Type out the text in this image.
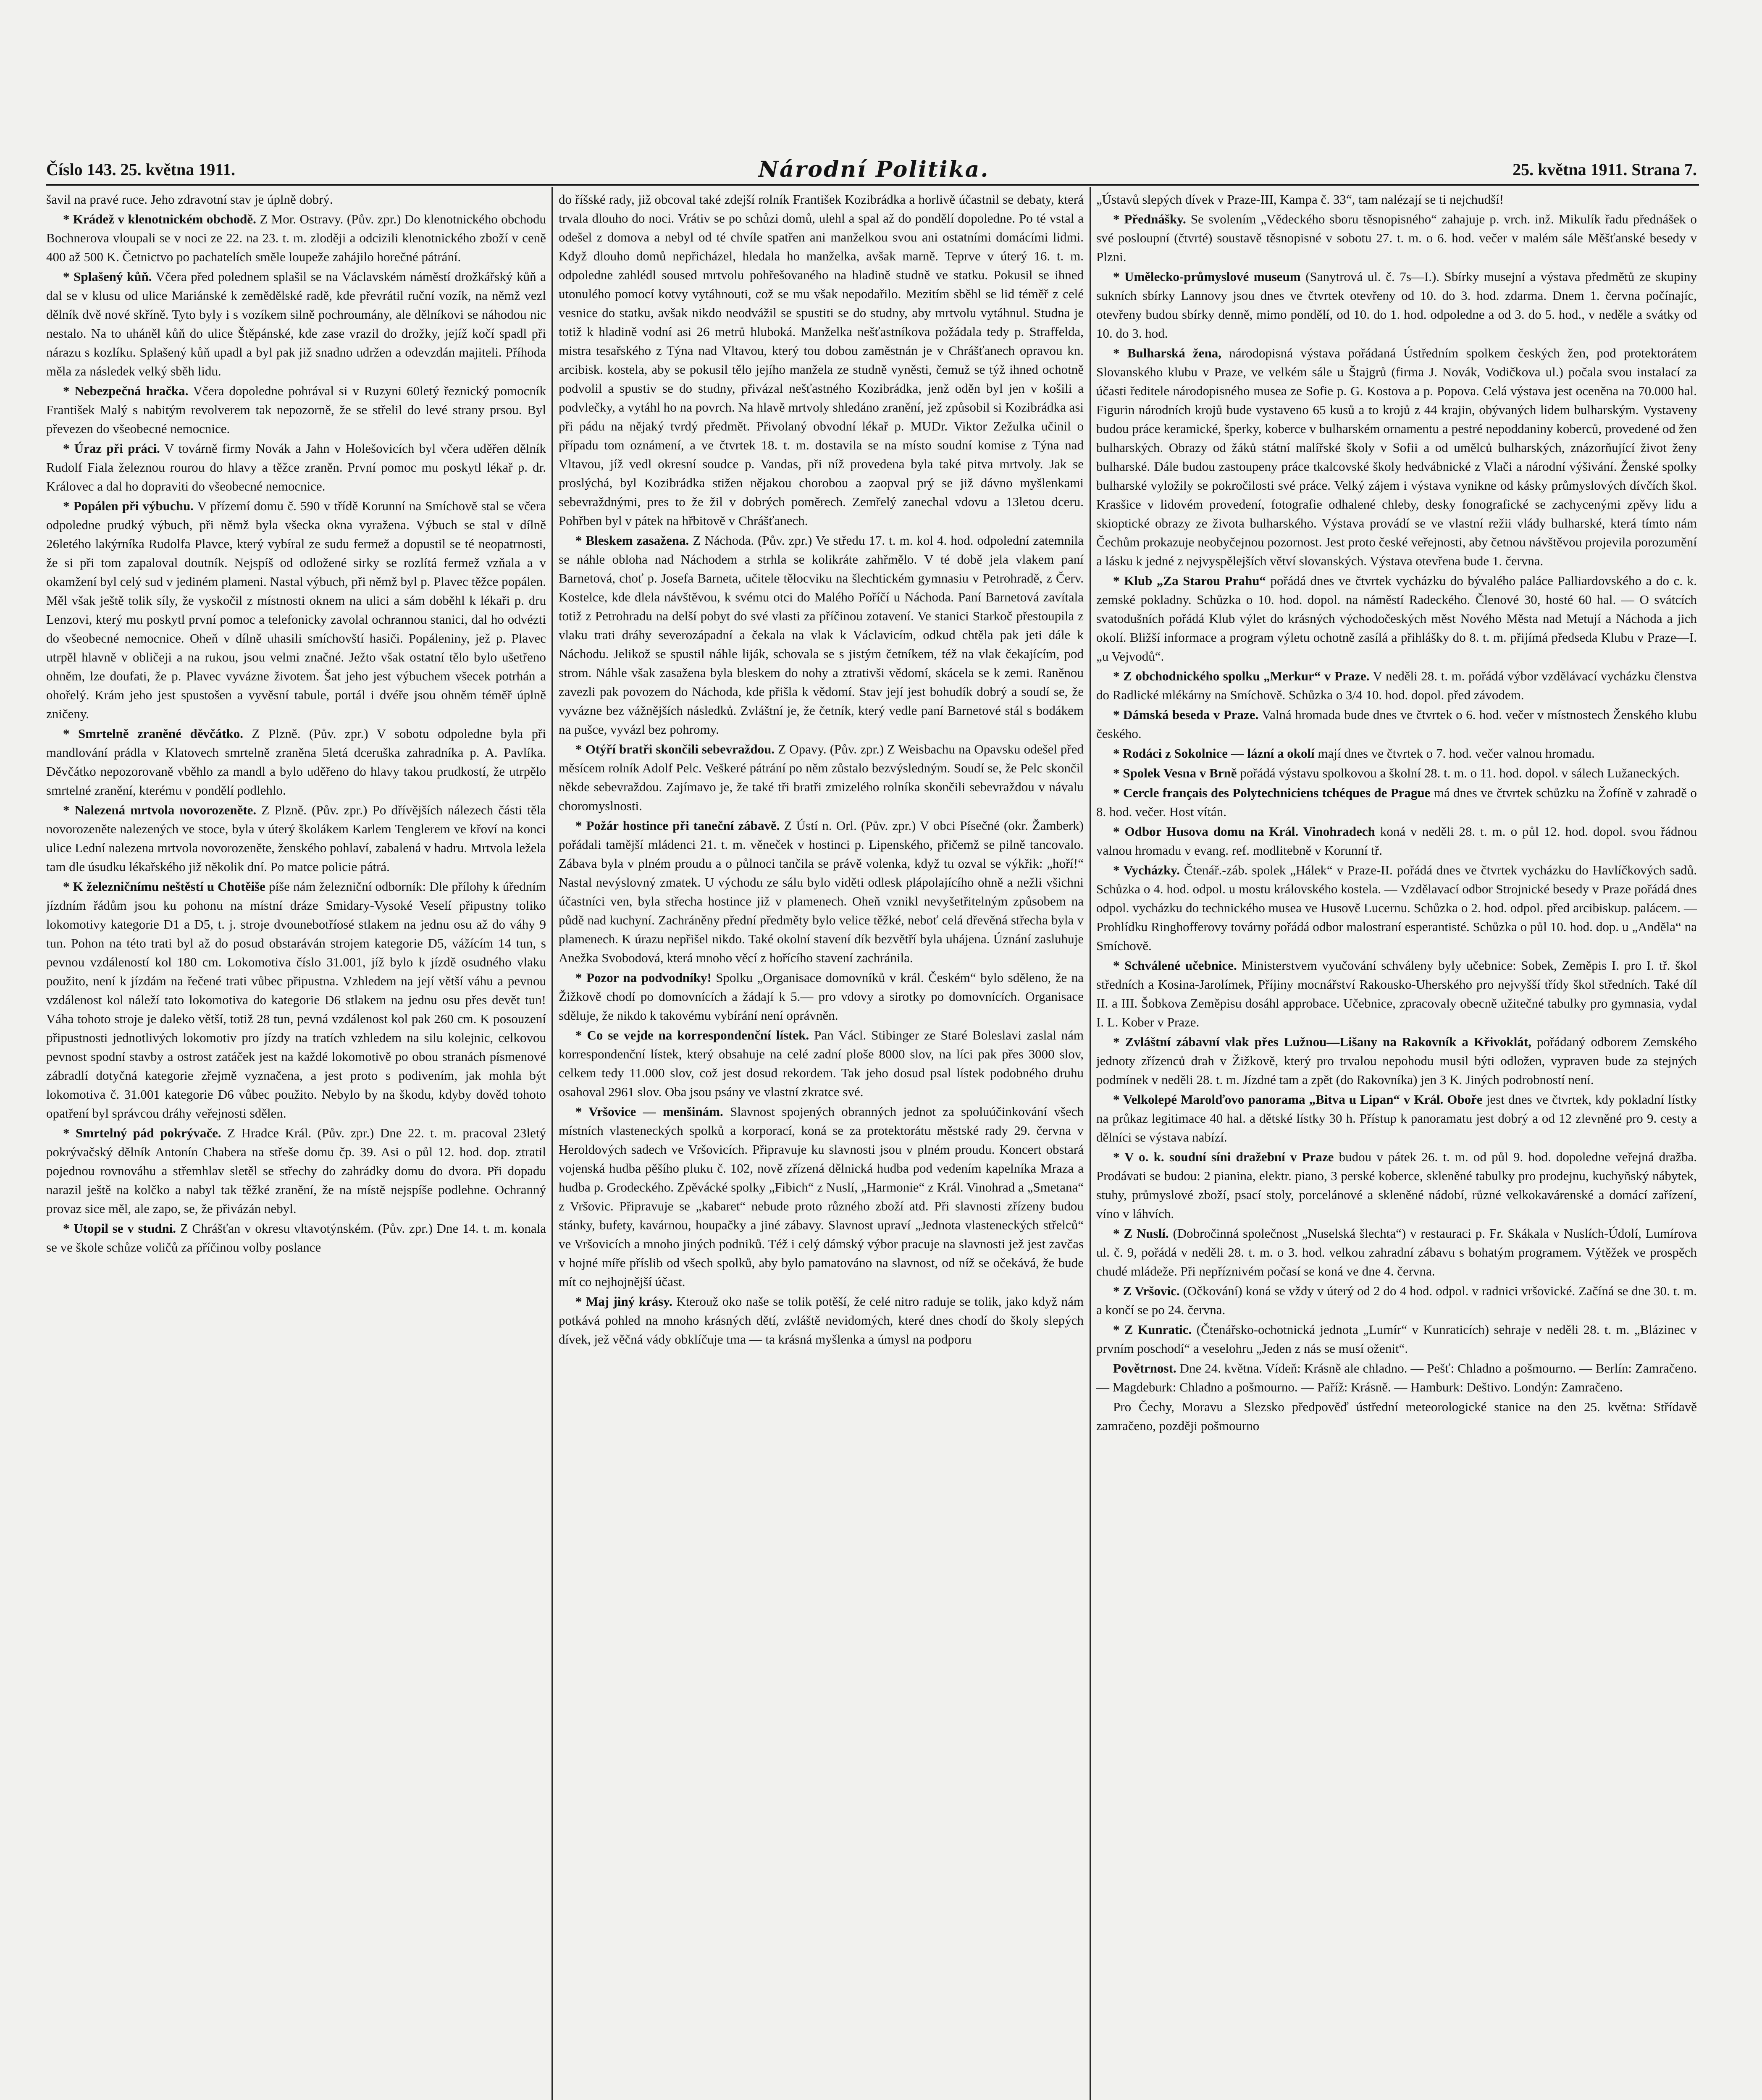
Číslo 143. 25. května 1911.	Národní Politika.	25. května 1911. Strana 7.

šavil na pravé ruce. Jeho zdravotní stav je úplně dobrý.

* Krádež v klenotnickém obchodě. Z Mor. Ostravy. (Pův. zpr.) Do klenotnického obchodu Bochnerova vloupali se v noci ze 22. na 23. t. m. zloději a odcizili klenotnického zboží v ceně 400 až 500 K. Četnictvo po pachatelích směle loupeže zahájilo horečné pátrání.

* Splašený kůň. Včera před polednem splašil se na Václavském náměstí drožkářský kůň a dal se v klusu od ulice Mariánské k zemědělské radě, kde převrátil ruční vozík, na němž vezl dělník dvě nové skříně. Tyto byly i s vozíkem silně pochroumány, ale dělníkovi se náhodou nic nestalo. Na to uháněl kůň do ulice Štěpánské, kde zase vrazil do drožky, jejíž kočí spadl při nárazu s kozlíku. Splašený kůň upadl a byl pak již snadno udržen a odevzdán majiteli. Příhoda měla za následek velký sběh lidu.

* Nebezpečná hračka. Včera dopoledne pohrával si v Ruzyni 60letý řeznický pomocník František Malý s nabitým revolverem tak nepozorně, že se střelil do levé strany prsou. Byl převezen do všeobecné nemocnice.

* Úraz při práci. V továrně firmy Novák a Jahn v Holešovicích byl včera uděřen dělník Rudolf Fiala železnou rourou do hlavy a těžce zraněn. První pomoc mu poskytl lékař p. dr. Královec a dal ho dopraviti do všeobecné nemocnice.

* Popálen při výbuchu. V přízemí domu č. 590 v třídě Korunní na Smíchově stal se včera odpoledne prudký výbuch, při němž byla všecka okna vyražena. Výbuch se stal v dílně 26letého lakýrníka Rudolfa Plavce, který vybíral ze sudu fermež a dopustil se té neopatrnosti, že si při tom zapaloval doutník. Nejspíš od odložené sirky se rozlítá fermež vzňala a v okamžení byl celý sud v jediném plameni. Nastal výbuch, při němž byl p. Plavec těžce popálen. Měl však ještě tolik síly, že vyskočil z místnosti oknem na ulici a sám doběhl k lékaři p. dru Lenzovi, který mu poskytl první pomoc a telefonicky zavolal ochrannou stanici, dal ho odvézti do všeobecné nemocnice. Oheň v dílně uhasili smíchovští hasiči. Popáleniny, jež p. Plavec utrpěl hlavně v obličeji a na rukou, jsou velmi značné. Ježto však ostatní tělo bylo ušetřeno ohněm, lze doufati, že p. Plavec vyvázne životem. Šat jeho jest výbuchem všecek potrhán a ohořelý. Krám jeho jest spustošen a vyvěsní tabule, portál i dvéře jsou ohněm téměř úplně zničeny.

* Smrtelně zraněné děvčátko. Z Plzně. (Pův. zpr.) V sobotu odpoledne byla při mandlování prádla v Klatovech smrtelně zraněna 5letá dceruška zahradníka p. A. Pavlíka. Děvčátko nepozorovaně vběhlo za mandl a bylo uděřeno do hlavy takou prudkostí, že utrpělo smrtelné zranění, kterému v pondělí podlehlo.

* Nalezená mrtvola novorozeněte. Z Plzně. (Pův. zpr.) Po dřívějších nálezech části těla novorozeněte nalezených ve stoce, byla v úterý školákem Karlem Tenglerem ve křoví na konci ulice Lední nalezena mrtvola novorozeněte, ženského pohlaví, zabalená v hadru. Mrtvola ležela tam dle úsudku lékařského již několik dní. Po matce policie pátrá.

* K železničnímu neštěstí u Chotěiše píše nám železniční odborník: Dle přílohy k úředním jízdním řádům jsou ku pohonu na místní dráze Smidary-Vysoké Veselí připustny toliko lokomotivy kategorie D1 a D5, t. j. stroje dvounebotříosé stlakem na jednu osu až do váhy 9 tun. Pohon na této trati byl až do posud obstaráván strojem kategorie D5, vážícím 14 tun, s pevnou vzdáleností kol 180 cm. Lokomotiva číslo 31.001, jíž bylo k jízdě osudného vlaku použito, není k jízdám na řečené trati vůbec připustna. Vzhledem na její větší váhu a pevnou vzdálenost kol náleží tato lokomotiva do kategorie D6 stlakem na jednu osu přes devět tun! Váha tohoto stroje je daleko větší, totiž 28 tun, pevná vzdálenost kol pak 260 cm. K posouzení připustnosti jednotlivých lokomotiv pro jízdy na tratích vzhledem na silu kolejnic, celkovou pevnost spodní stavby a ostrost zatáček jest na každé lokomotivě po obou stranách písmenové zábradlí dotyčná kategorie zřejmě vyznačena, a jest proto s podivením, jak mohla být lokomotiva č. 31.001 kategorie D6 vůbec použito. Nebylo by na škodu, kdyby dověd tohoto opatření byl správcou dráhy veřejnosti sdělen.

* Smrtelný pád pokrývače. Z Hradce Král. (Pův. zpr.) Dne 22. t. m. pracoval 23letý pokrývačský dělník Antonín Chabera na střeše domu čp. 39. Asi o půl 12. hod. dop. ztratil pojednou rovnováhu a střemhlav sletěl se střechy do zahrádky domu do dvora. Při dopadu narazil ještě na kolčko a nabyl tak těžké zranění, že na místě nejspíše podlehne. Ochranný provaz sice měl, ale zapo, se, že přivázán nebyl.

* Utopil se v studni. Z Chrášťan v okresu vltavotýnském. (Pův. zpr.) Dne 14. t. m. konala se ve škole schůze voličů za příčinou volby poslance

do říšské rady, již obcoval také zdejší rolník František Kozibrádka a horlivě účastnil se debaty, která trvala dlouho do noci. Vrátiv se po schůzi domů, ulehl a spal až do pondělí dopoledne. Po té vstal a odešel z domova a nebyl od té chvíle spatřen ani manželkou svou ani ostatními domácími lidmi. Když dlouho domů nepřicházel, hledala ho manželka, avšak marně. Teprve v úterý 16. t. m. odpoledne zahlédl soused mrtvolu pohřešovaného na hladině studně ve statku. Pokusil se ihned utonulého pomocí kotvy vytáhnouti, což se mu však nepodařilo. Mezitím sběhl se lid téměř z celé vesnice do statku, avšak nikdo neodvážil se spustiti se do studny, aby mrtvolu vytáhnul. Studna je totiž k hladině vodní asi 26 metrů hluboká. Manželka nešťastníkova požádala tedy p. Straffelda, mistra tesařského z Týna nad Vltavou, který tou dobou zaměstnán je v Chrášťanech opravou kn. arcibisk. kostela, aby se pokusil tělo jejího manžela ze studně vyněsti, čemuž se týž ihned ochotně podvolil a spustiv se do studny, přivázal nešťastného Kozibrádka, jenž oděn byl jen v košili a podvlečky, a vytáhl ho na povrch. Na hlavě mrtvoly shledáno zranění, jež způsobil si Kozibrádka asi při pádu na nějaký tvrdý předmět. Přivolaný obvodní lékař p. MUDr. Viktor Zežulka učinil o případu tom oznámení, a ve čtvrtek 18. t. m. dostavila se na místo soudní komise z Týna nad Vltavou, jíž vedl okresní soudce p. Vandas, při níž provedena byla také pitva mrtvoly. Jak se proslýchá, byl Kozibrádka stižen nějakou chorobou a zaopval prý se již dávno myšlenkami sebevraždnými, pres to že žil v dobrých poměrech. Zemřelý zanechal vdovu a 13letou dceru. Pohřben byl v pátek na hřbitově v Chrášťanech.

* Bleskem zasažena. Z Náchoda. (Pův. zpr.) Ve středu 17. t. m. kol 4. hod. odpolední zatemnila se náhle obloha nad Náchodem a strhla se kolikráte zahřmělo. V té době jela vlakem paní Barnetová, choť p. Josefa Barneta, učitele tělocviku na šlechtickém gymnasiu v Petrohradě, z Červ. Kostelce, kde dlela návštěvou, k svému otci do Malého Poříčí u Náchoda. Paní Barnetová zavítala totiž z Petrohradu na delší pobyt do své vlasti za příčinou zotavení. Ve stanici Starkoč přestoupila z vlaku trati dráhy severozápadní a čekala na vlak k Václavicím, odkud chtěla pak jeti dále k Náchodu. Jelikož se spustil náhle liják, schovala se s jistým četníkem, též na vlak čekajícím, pod strom. Náhle však zasažena byla bleskem do nohy a ztrativši vědomí, skácela se k zemi. Raněnou zavezli pak povozem do Náchoda, kde přišla k vědomí. Stav její jest bohudík dobrý a soudí se, že vyvázne bez vážnějších následků. Zvláštní je, že četník, který vedle paní Barnetové stál s bodákem na pušce, vyvázl bez pohromy.

* Otýří bratři skončili sebevraždou. Z Opavy. (Pův. zpr.) Z Weisbachu na Opavsku odešel před měsícem rolník Adolf Pelc. Veškeré pátrání po něm zůstalo bezvýsledným. Soudí se, že Pelc skončil někde sebevraždou. Zajímavo je, že také tři bratři zmizelého rolníka skončili sebevraždou v návalu choromyslnosti.

* Požár hostince při taneční zábavě. Z Ústí n. Orl. (Pův. zpr.) V obci Písečné (okr. Žamberk) pořádali tamější mládenci 21. t. m. věneček v hostinci p. Lipenského, přičemž se pilně tancovalo. Zábava byla v plném proudu a o půlnoci tančila se právě volenka, když tu ozval se výkřik: „hoří!“ Nastal nevýslovný zmatek. U východu ze sálu bylo viděti odlesk plápolajícího ohně a nežli všichni účastníci ven, byla střecha hostince již v plamenech. Oheň vznikl nevyšetřitelným způsobem na půdě nad kuchyní. Zachráněny přední předměty bylo velice těžké, neboť celá dřevěná střecha byla v plamenech. K úrazu nepřišel nikdo. Také okolní stavení dík bezvětří byla uhájena. Úznání zasluhuje Anežka Svobodová, která mnoho věcí z hořícího stavení zachránila.

* Pozor na podvodníky! Spolku „Organisace domovníků v král. Českém“ bylo sděleno, že na Žižkově chodí po domovnících a žádají k 5.— pro vdovy a sirotky po domovnících. Organisace sděluje, že nikdo k takovému vybírání není oprávněn.

* Co se vejde na korrespondenční lístek. Pan Václ. Stibinger ze Staré Boleslavi zaslal nám korrespondenční lístek, který obsahuje na celé zadní ploše 8000 slov, na líci pak přes 3000 slov, celkem tedy 11.000 slov, což jest dosud rekordem. Tak jeho dosud psal lístek podobného druhu osahoval 2961 slov. Oba jsou psány ve vlastní zkratce své.

* Vršovice — menšinám. Slavnost spojených obranných jednot za spoluúčinkování všech místních vlasteneckých spolků a korporací, koná se za protektorátu městské rady 29. června v Heroldových sadech ve Vršovicích. Připravuje ku slavnosti jsou v plném proudu. Koncert obstará vojenská hudba pěšího pluku č. 102, nově zřízená dělnická hudba pod vedením kapelníka Mraza a hudba p. Grodeckého. Zpěvácké spolky „Fibich“ z Nuslí, „Harmonie“ z Král. Vinohrad a „Smetana“ z Vršovic. Připravuje se „kabaret“ nebude proto různého zboží atd. Při slavnosti zřízeny budou stánky, bufety, kavárnou, houpačky a jiné zábavy. Slavnost upraví „Jednota vlasteneckých střelců“ ve Vršovicích a mnoho jiných podniků. Též i celý dámský výbor pracuje na slavnosti jež jest zavčas v hojné míře příslib od všech spolků, aby bylo pamatováno na slavnost, od níž se očekává, že bude mít co nejhojnější účast.

* Maj jiný krásy. Kterouž oko naše se tolik potěší, že celé nitro raduje se tolik, jako když nám potkává pohled na mnoho krásných dětí, zvláště nevidomých, které dnes chodí do školy slepých dívek, jež věčná vády obklíčuje tma — ta krásná myšlenka a úmysl na podporu

„Ústavů slepých dívek v Praze-III, Kampa č. 33“, tam nalézají se ti nejchudší!

* Přednášky. Se svolením „Vědeckého sboru těsnopisného“ zahajuje p. vrch. inž. Mikulík řadu přednášek o své posloupní (čtvrté) soustavě těsnopisné v sobotu 27. t. m. o 6. hod. večer v malém sále Měšťanské besedy v Plzni.

* Umělecko-průmyslové museum (Sanytrová ul. č. 7s—I.). Sbírky musejní a výstava předmětů ze skupiny sukních sbírky Lannovy jsou dnes ve čtvrtek otevřeny od 10. do 3. hod. zdarma. Dnem 1. června počínajíc, otevřeny budou sbírky denně, mimo pondělí, od 10. do 1. hod. odpoledne a od 3. do 5. hod., v neděle a svátky od 10. do 3. hod.

* Bulharská žena, národopisná výstava pořádaná Ústředním spolkem českých žen, pod protektorátem Slovanského klubu v Praze, ve velkém sále u Štajgrů (firma J. Novák, Vodičkova ul.) počala svou instalací za účasti ředitele národopisného musea ze Sofie p. G. Kostova a p. Popova. Celá výstava jest oceněna na 70.000 hal. Figurin národních krojů bude vystaveno 65 kusů a to krojů z 44 krajin, obývaných lidem bulharským. Vystaveny budou práce keramické, šperky, koberce v bulharském ornamentu a pestré nepoddaniny koberců, provedené od žen bulharských. Obrazy od žáků státní malířské školy v Sofii a od umělců bulharských, znázorňující život ženy bulharské. Dále budou zastoupeny práce tkalcovské školy hedvábnické z Vlači a národní výšivání. Ženské spolky bulharské vyložily se pokročilosti své práce. Velký zájem i výstava vynikne od kásky průmyslových dívčích škol. Krasšice v lidovém provedení, fotografie odhalené chleby, desky fonografické se zachycenými zpěvy lidu a skioptické obrazy ze života bulharského. Výstava provádí se ve vlastní režii vlády bulharské, která tímto nám Čechům prokazuje neobyčejnou pozornost. Jest proto české veřejnosti, aby četnou návštěvou projevila porozumění a lásku k jedné z nejvyspělejších větví slovanských. Výstava otevřena bude 1. června.

* Klub „Za Starou Prahu“ pořádá dnes ve čtvrtek vycházku do bývalého paláce Palliardovského a do c. k. zemské pokladny. Schůzka o 10. hod. dopol. na náměstí Radeckého. Členové 30, hosté 60 hal. — O svátcích svatodušních pořádá Klub výlet do krásných východočeských měst Nového Města nad Metují a Náchoda a jich okolí. Bližší informace a program výletu ochotně zasílá a přihlášky do 8. t. m. přijímá předseda Klubu v Praze—I. „u Vejvodů“.

* Z obchodnického spolku „Merkur“ v Praze. V neděli 28. t. m. pořádá výbor vzdělávací vycházku členstva do Radlické mlékárny na Smíchově. Schůzka o 3/4 10. hod. dopol. před závodem.

* Dámská beseda v Praze. Valná hromada bude dnes ve čtvrtek o 6. hod. večer v místnostech Ženského klubu českého.

* Rodáci z Sokolnice — lázní a okolí mají dnes ve čtvrtek o 7. hod. večer valnou hromadu.

* Spolek Vesna v Brně pořádá výstavu spolkovou a školní 28. t. m. o 11. hod. dopol. v sálech Lužaneckých.

* Cercle français des Polytechniciens tchéques de Prague má dnes ve čtvrtek schůzku na Žofíně v zahradě o 8. hod. večer. Host vítán.

* Odbor Husova domu na Král. Vinohradech koná v neděli 28. t. m. o půl 12. hod. dopol. svou řádnou valnou hromadu v evang. ref. modlitebně v Korunní tř.

* Vycházky. Čtenář.-záb. spolek „Hálek“ v Praze-II. pořádá dnes ve čtvrtek vycházku do Havlíčkových sadů. Schůzka o 4. hod. odpol. u mostu královského kostela. — Vzdělavací odbor Strojnické besedy v Praze pořádá dnes odpol. vycházku do technického musea ve Husově Lucernu. Schůzka o 2. hod. odpol. před arcibiskup. palácem. — Prohlídku Ringhofferovy továrny pořádá odbor malostraní esperantisté. Schůzka o půl 10. hod. dop. u „Anděla“ na Smíchově.

* Schválené učebnice. Ministerstvem vyučování schváleny byly učebnice: Sobek, Zeměpis I. pro I. tř. škol středních a Kosina-Jarolímek, Příjiny mocnářství Rakousko-Uherského pro nejvyšší třídy škol středních. Také díl II. a III. Šobkova Zeměpisu dosáhl approbace. Učebnice, zpracovaly obecně užitečné tabulky pro gymnasia, vydal I. L. Kober v Praze.

* Zvláštní zábavní vlak přes Lužnou—Lišany na Rakovník a Křivoklát, pořádaný odborem Zemského jednoty zřízenců drah v Žižkově, který pro trvalou nepohodu musil býti odložen, vypraven bude za stejných podmínek v neděli 28. t. m. Jízdné tam a zpět (do Rakovníka) jen 3 K. Jiných podrobností není.

* Velkolepé Marolďovo panorama „Bitva u Lipan“ v Král. Oboře jest dnes ve čtvrtek, kdy pokladní lístky na průkaz legitimace 40 hal. a dětské lístky 30 h. Přístup k panoramatu jest dobrý a od 12 zlevněné pro 9. cesty a dělníci se výstava nabízí.

* V o. k. soudní síni dražební v Praze budou v pátek 26. t. m. od půl 9. hod. dopoledne veřejná dražba. Prodávati se budou: 2 pianina, elektr. piano, 3 perské koberce, skleněné tabulky pro prodejnu, kuchyňský nábytek, stuhy, průmyslové zboží, psací stoly, porcelánové a skleněné nádobí, různé velkokavárenské a domácí zařízení, víno v láhvích.

* Z Nuslí. (Dobročinná společnost „Nuselská šlechta“) v restauraci p. Fr. Skákala v Nuslích-Údolí, Lumírova ul. č. 9, pořádá v neděli 28. t. m. o 3. hod. velkou zahradní zábavu s bohatým programem. Výtěžek ve prospěch chudé mládeže. Při nepříznivém počasí se koná ve dne 4. června.

* Z Vršovic. (Očkování) koná se vždy v úterý od 2 do 4 hod. odpol. v radnici vršovické. Začíná se dne 30. t. m. a končí se po 24. června.

* Z Kunratic. (Čtenářsko-ochotnická jednota „Lumír“ v Kunraticích) sehraje v neděli 28. t. m. „Blázinec v prvním poschodí“ a veselohru „Jeden z nás se musí oženit“.

Povětrnost. Dne 24. května. Vídeň: Krásně ale chladno. — Pešť: Chladno a pošmourno. — Berlín: Zamračeno. — Magdeburk: Chladno a pošmourno. — Paříž: Krásně. — Hamburk: Deštivo. Londýn: Zamračeno.

Pro Čechy, Moravu a Slezsko předpověď ústřední meteorologické stanice na den 25. května: Střídavě zamračeno, později pošmourno
